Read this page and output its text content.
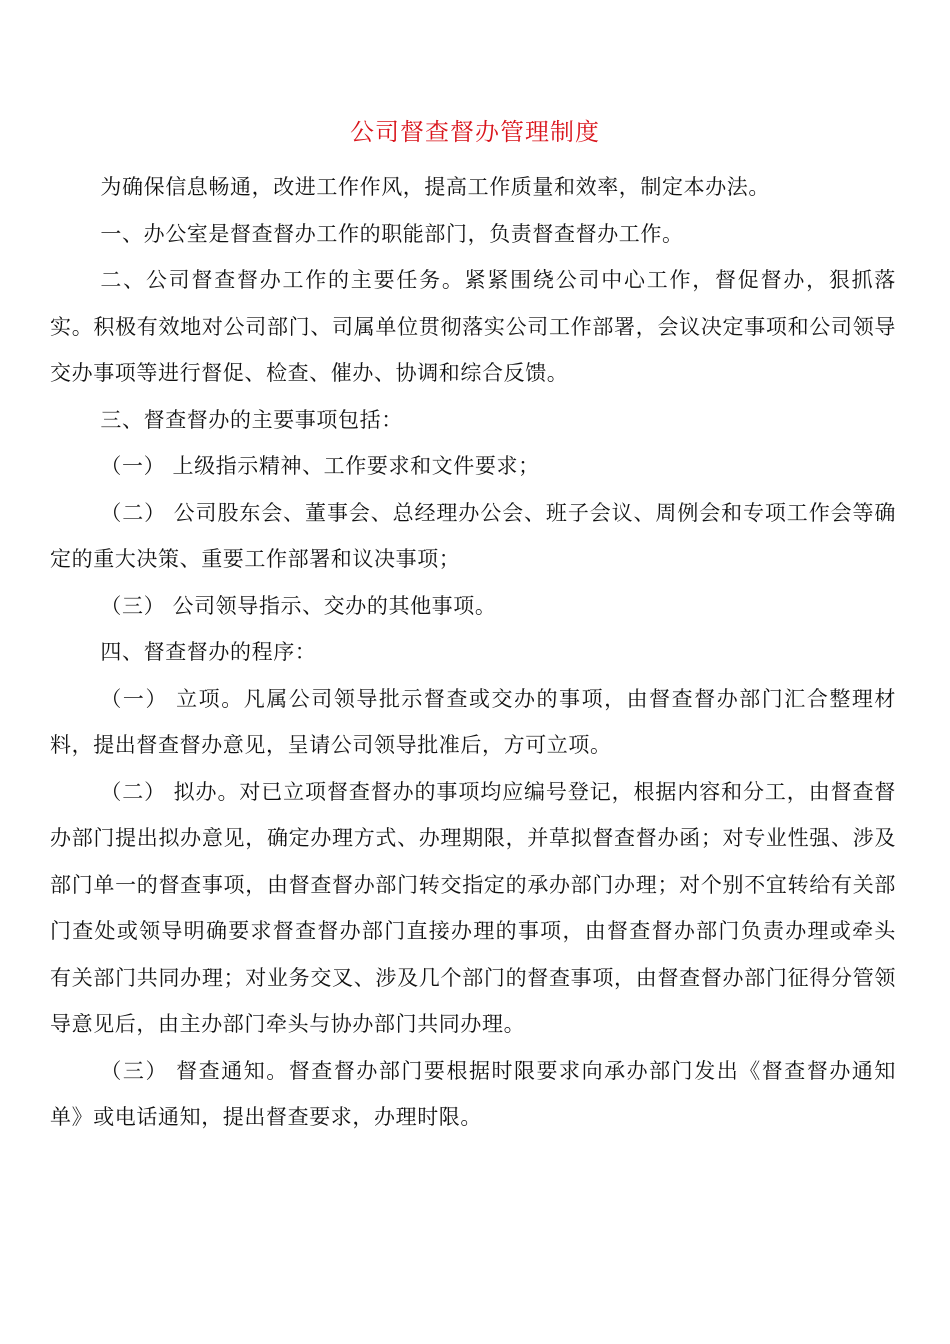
公司督查督办管理制度

为确保信息畅通，改进工作作风，提高工作质量和效率，制定本办法。

一、办公室是督查督办工作的职能部门，负责督查督办工作。

二、公司督查督办工作的主要任务。紧紧围绕公司中心工作，督促督办，狠抓落实。积极有效地对公司部门、司属单位贯彻落实公司工作部署，会议决定事项和公司领导交办事项等进行督促、检查、催办、协调和综合反馈。

三、督查督办的主要事项包括：

（一） 上级指示精神、工作要求和文件要求；

（二） 公司股东会、董事会、总经理办公会、班子会议、周例会和专项工作会等确定的重大决策、重要工作部署和议决事项；

（三） 公司领导指示、交办的其他事项。

四、督查督办的程序：

（一） 立项。凡属公司领导批示督查或交办的事项，由督查督办部门汇合整理材料，提出督查督办意见，呈请公司领导批准后，方可立项。

（二） 拟办。对已立项督查督办的事项均应编号登记，根据内容和分工，由督查督办部门提出拟办意见，确定办理方式、办理期限，并草拟督查督办函；对专业性强、涉及部门单一的督查事项，由督查督办部门转交指定的承办部门办理；对个别不宜转给有关部门查处或领导明确要求督查督办部门直接办理的事项，由督查督办部门负责办理或牵头 有关部门共同办理；对业务交叉、涉及几个部门的督查事项，由督查督办部门征得分管领导意见后，由主办部门牵头与协办部门共同办理。

（三） 督查通知。督查督办部门要根据时限要求向承办部门发出《督查督办通知单》或电话通知，提出督查要求，办理时限。
